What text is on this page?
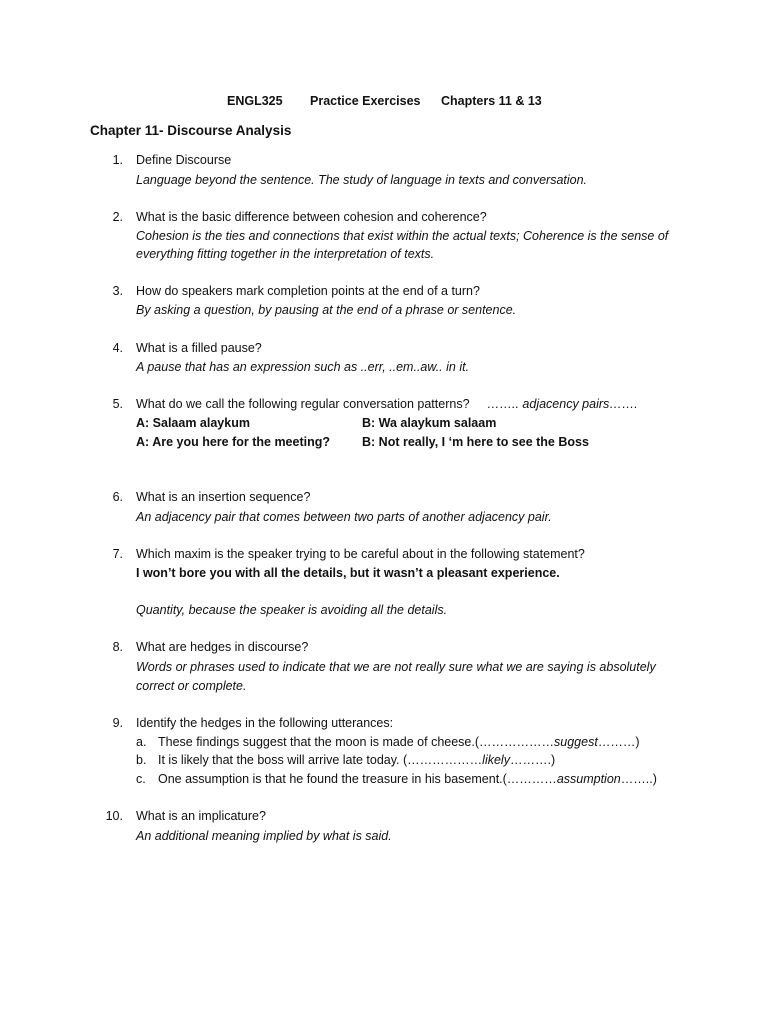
ENGL325 Practice Exercises Chapters 11 & 13
Chapter 11- Discourse Analysis
1. Define Discourse
Language beyond the sentence. The study of language in texts and conversation.
2. What is the basic difference between cohesion and coherence?
Cohesion is the ties and connections that exist within the actual texts; Coherence is the sense of
everything fitting together in the interpretation of texts.
3. How do speakers mark completion points at the end of a turn?
By asking a question, by pausing at the end of a phrase or sentence.
4. What is a filled pause?
A pause that has an expression such as ..err, ..em..aw.. in it.
5. What do we call the following regular conversation patterns? …….. adjacency pairs…….
A: Salaam alaykum	B: Wa alaykum salaam
A: Are you here for the meeting?	B: Not really, I ‘m here to see the Boss
6. What is an insertion sequence?
An adjacency pair that comes between two parts of another adjacency pair.
7. Which maxim is the speaker trying to be careful about in the following statement?
I won’t bore you with all the details, but it wasn’t a pleasant experience.
Quantity, because the speaker is avoiding all the details.
8. What are hedges in discourse?
Words or phrases used to indicate that we are not really sure what we are saying is absolutely
correct or complete.
9. Identify the hedges in the following utterances:
a. These findings suggest that the moon is made of cheese.(………………suggest………)
b. It is likely that the boss will arrive late today. (………………likely……….)
c. One assumption is that he found the treasure in his basement.(…………assumption……..)
10. What is an implicature?
An additional meaning implied by what is said.
